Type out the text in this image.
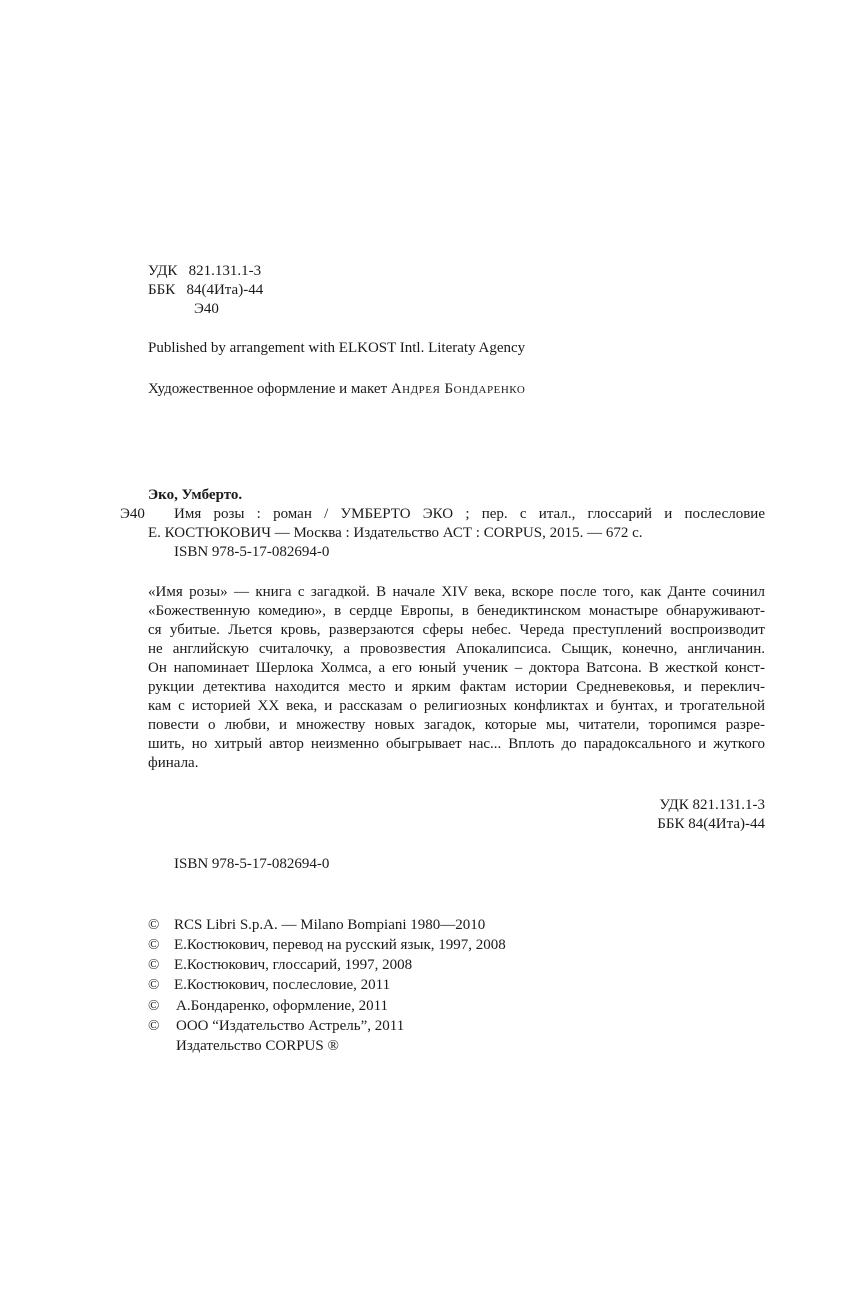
УДК   821.131.1-3
ББК   84(4Ита)-44
Э40
Published by arrangement with ELKOST Intl. Literaty Agency
Художественное оформление и макет Андрея Бондаренко
Эко, Умберто.
Э40 Имя розы : роман / УМБЕРТО ЭКО ; пер. с итал., глоссарий и послесловие
Е. КОСТЮКОВИЧ — Москва : Издательство АСТ : CORPUS, 2015. — 672 с.
ISBN 978-5-17-082694-0
«Имя розы» — книга с загадкой. В начале XIV века, вскоре после того, как Данте сочинил
«Божественную комедию», в сердце Европы, в бенедиктинском монастыре обнаруживают-
ся убитые. Льется кровь, разверзаются сферы небес. Череда преступлений воспроизводит
не английскую считалочку, а провозвестия Апокалипсиса. Сыщик, конечно, англичанин.
Он напоминает Шерлока Холмса, а его юный ученик – доктора Ватсона. В жесткой конст-
рукции детектива находится место и ярким фактам истории Средневековья, и переклич-
кам с историей XX века, и рассказам о религиозных конфликтах и бунтах, и трогательной
повести о любви, и множеству новых загадок, которые мы, читатели, торопимся разре-
шить, но хитрый автор неизменно обыгрывает нас... Вплоть до парадоксального и жуткого
финала.
УДК 821.131.1-3
ББК 84(4Ита)-44
ISBN 978-5-17-082694-0
© RCS Libri S.p.A. — Milano Bompiani 1980—2010
© Е.Костюкович, перевод на русский язык, 1997, 2008
© Е.Костюкович, глоссарий, 1997, 2008
© Е.Костюкович, послесловие, 2011
© А.Бондаренко, оформление, 2011
© ООО “Издательство Астрель”, 2011
Издательство CORPUS ®
